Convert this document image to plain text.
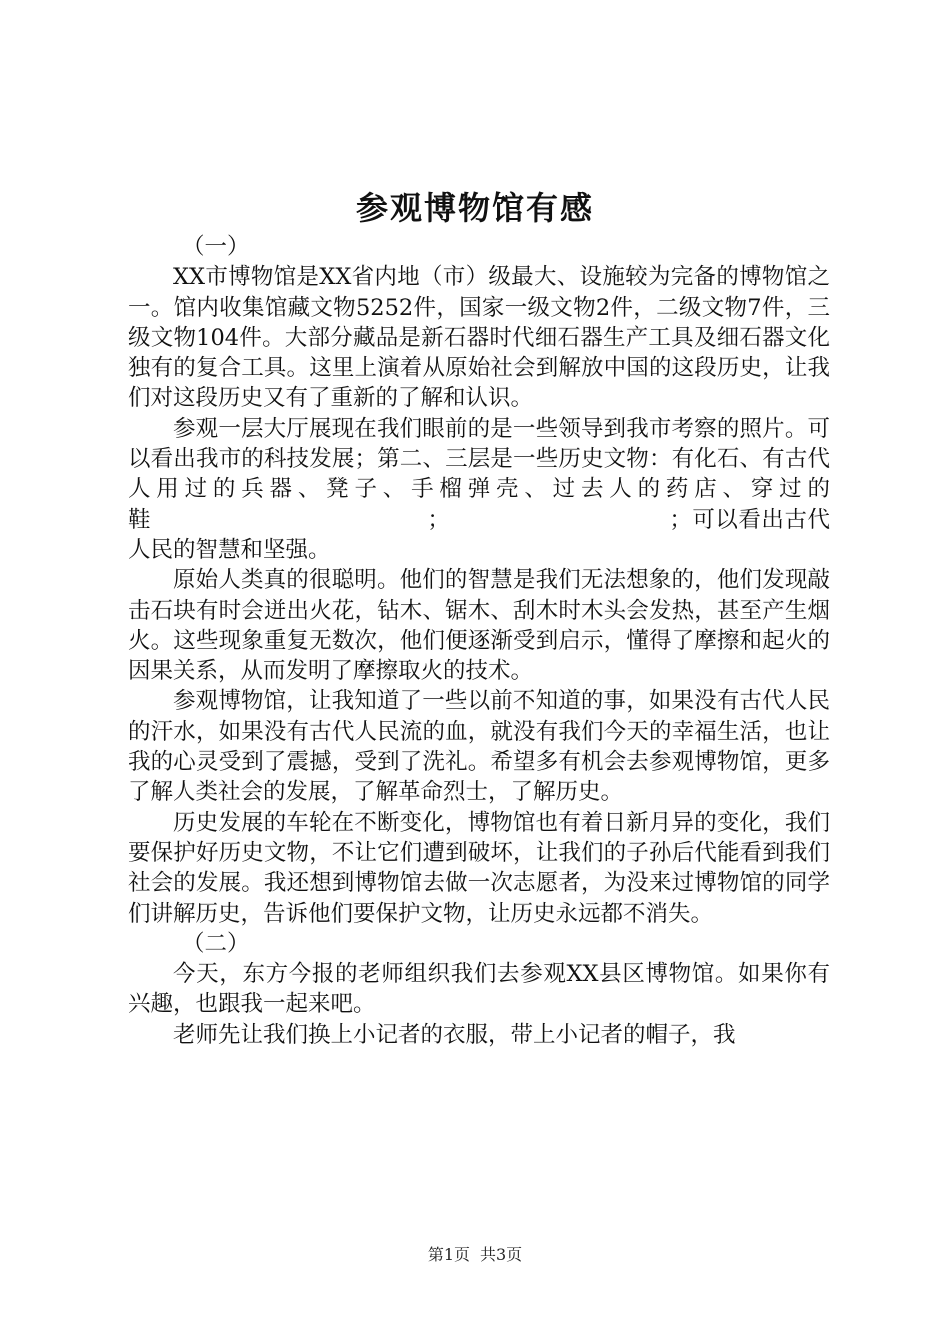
参观博物馆有感

（一）

XX市博物馆是XX省内地（市）级最大、设施较为完备的博物馆之一。馆内收集馆藏文物5252件，国家一级文物2件，二级文物7件，三级文物104件。大部分藏品是新石器时代细石器生产工具及细石器文化独有的复合工具。这里上演着从原始社会到解放中国的这段历史，让我们对这段历史又有了重新的了解和认识。

参观一层大厅展现在我们眼前的是一些领导到我市考察的照片。可以看出我市的科技发展；第二、三层是一些历史文物：有化石、有古代人用过的兵器、凳子、手榴弹壳、过去人的药店、穿过的鞋　　　　　　　　　　　　；　　　　　　　　　　；可以看出古代人民的智慧和坚强。

原始人类真的很聪明。他们的智慧是我们无法想象的，他们发现敲击石块有时会迸出火花，钻木、锯木、刮木时木头会发热，甚至产生烟火。这些现象重复无数次，他们便逐渐受到启示，懂得了摩擦和起火的因果关系，从而发明了摩擦取火的技术。

参观博物馆，让我知道了一些以前不知道的事，如果没有古代人民的汗水，如果没有古代人民流的血，就没有我们今天的幸福生活，也让我的心灵受到了震撼，受到了洗礼。希望多有机会去参观博物馆，更多了解人类社会的发展，了解革命烈士，了解历史。

历史发展的车轮在不断变化，博物馆也有着日新月异的变化，我们要保护好历史文物，不让它们遭到破坏，让我们的子孙后代能看到我们社会的发展。我还想到博物馆去做一次志愿者，为没来过博物馆的同学们讲解历史，告诉他们要保护文物，让历史永远都不消失。

（二）

今天，东方今报的老师组织我们去参观XX县区博物馆。如果你有兴趣，也跟我一起来吧。

老师先让我们换上小记者的衣服，带上小记者的帽子，我

第1页 共3页
